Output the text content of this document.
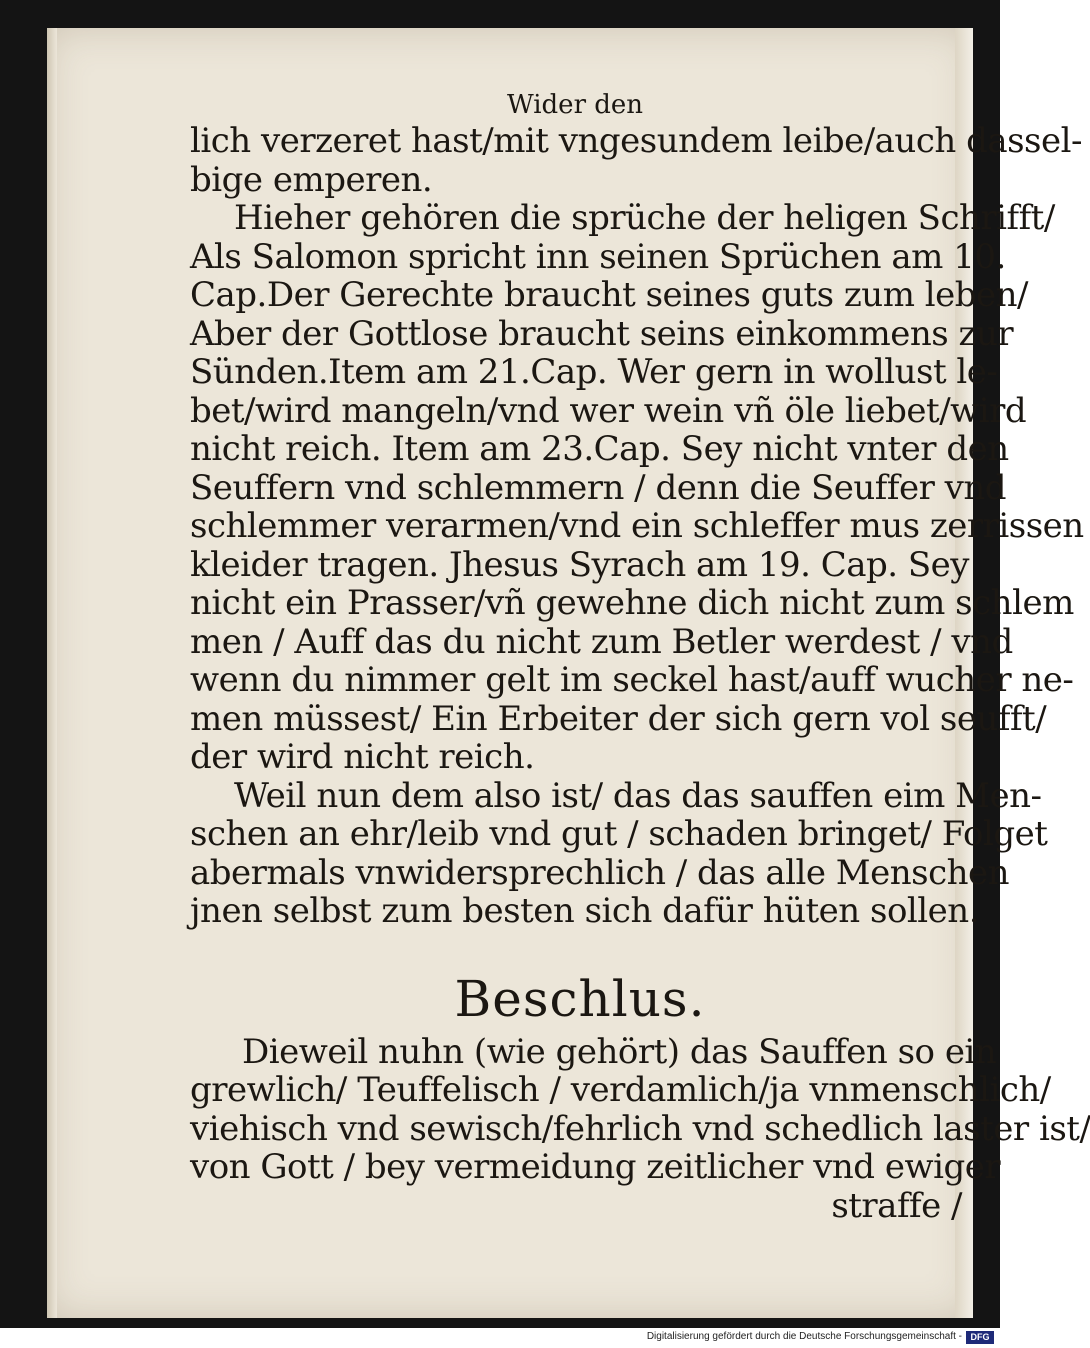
Wider den
lich verzeret hast/mit vngesundem leibe/auch dassel-
bige emperen.
Hieher gehören die sprüche der heligen Schrifft/
Als Salomon spricht inn seinen Sprüchen am 10.
Cap.Der Gerechte braucht seines guts zum leben/
Aber der Gottlose braucht seins einkommens zur
Sünden.Item am 21.Cap. Wer gern in wollust le-
bet/wird mangeln/vnd wer wein vñ öle liebet/wird
nicht reich. Item am 23.Cap. Sey nicht vnter den
Seuffern vnd schlemmern / denn die Seuffer vnd
schlemmer verarmen/vnd ein schleffer mus zerrissen
kleider tragen. Jhesus Syrach am 19. Cap. Sey
nicht ein Prasser/vñ gewehne dich nicht zum schlem
men / Auff das du nicht zum Betler werdest / vnd
wenn du nimmer gelt im seckel hast/auff wucher ne-
men müssest/ Ein Erbeiter der sich gern vol seufft/
der wird nicht reich.
Weil nun dem also ist/ das das sauffen eim Men-
schen an ehr/leib vnd gut / schaden bringet/ Folget
abermals vnwidersprechlich / das alle Menschen
jnen selbst zum besten sich dafür hüten sollen.
Beschlus.
Dieweil nuhn (wie gehört) das Sauffen so ein
grewlich/ Teuffelisch / verdamlich/ja vnmenschlich/
viehisch vnd sewisch/fehrlich vnd schedlich laster ist/
von Gott / bey vermeidung zeitlicher vnd ewiger
straffe /
Digitalisierung gefördert durch die Deutsche Forschungsgemeinschaft - DFG
